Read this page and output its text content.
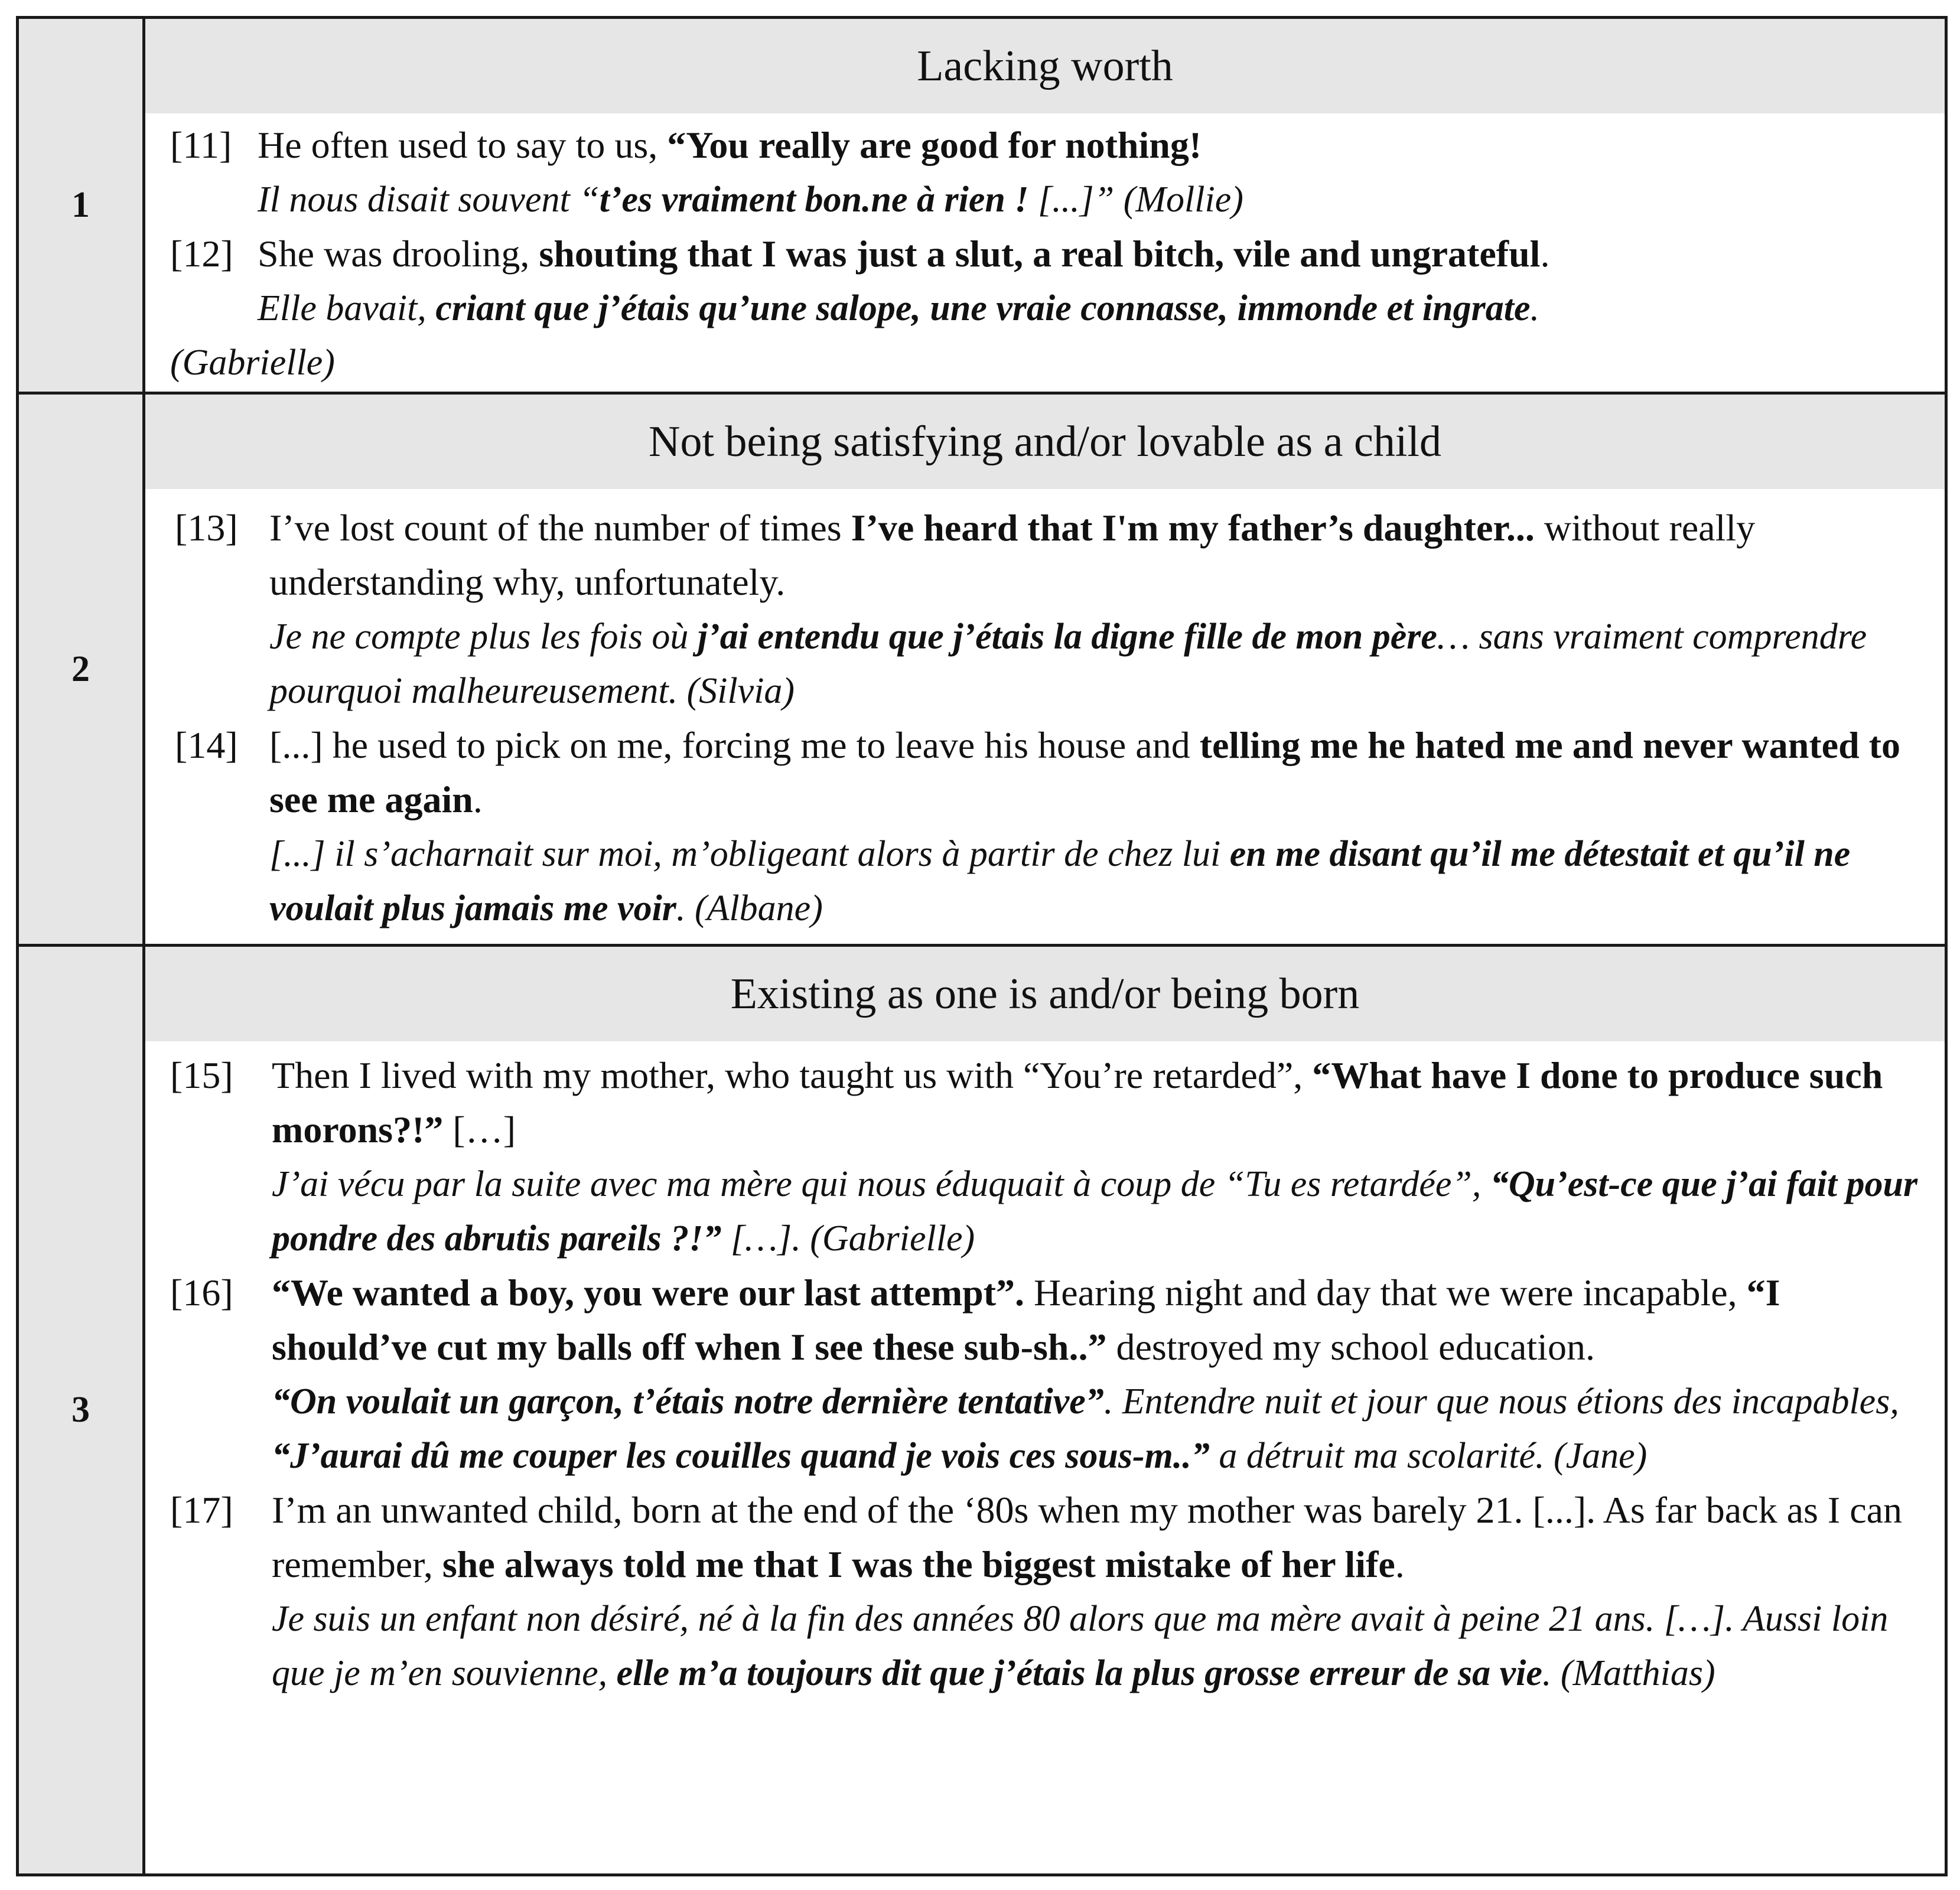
1
Lacking worth
[11] He often used to say to us, “You really are good for nothing!
Il nous disait souvent “t’es vraiment bon.ne à rien ! [...]” (Mollie)
[12] She was drooling, shouting that I was just a slut, a real bitch, vile and ungrateful.
Elle bavait, criant que j’étais qu’une salope, une vraie connasse, immonde et ingrate.
(Gabrielle)
2
Not being satisfying and/or lovable as a child
[13] I’ve lost count of the number of times I’ve heard that I'm my father’s daughter... without really understanding why, unfortunately.
Je ne compte plus les fois où j’ai entendu que j’étais la digne fille de mon père… sans vraiment comprendre pourquoi malheureusement. (Silvia)
[14] [...] he used to pick on me, forcing me to leave his house and telling me he hated me and never wanted to see me again.
[...] il s’acharnait sur moi, m’obligeant alors à partir de chez lui en me disant qu’il me détestait et qu’il ne voulait plus jamais me voir. (Albane)
3
Existing as one is and/or being born
[15] Then I lived with my mother, who taught us with “You’re retarded”, “What have I done to produce such morons?!” […]
J’ai vécu par la suite avec ma mère qui nous éduquait à coup de “Tu es retardée”, “Qu’est-ce que j’ai fait pour pondre des abrutis pareils ?!” […]. (Gabrielle)
[16] “We wanted a boy, you were our last attempt”. Hearing night and day that we were incapable, “I should’ve cut my balls off when I see these sub-sh..” destroyed my school education.
“On voulait un garçon, t’étais notre dernière tentative”. Entendre nuit et jour que nous étions des incapables, “J’aurai dû me couper les couilles quand je vois ces sous-m..” a détruit ma scolarité. (Jane)
[17] I’m an unwanted child, born at the end of the ‘80s when my mother was barely 21. [...]. As far back as I can remember, she always told me that I was the biggest mistake of her life.
Je suis un enfant non désiré, né à la fin des années 80 alors que ma mère avait à peine 21 ans. […]. Aussi loin que je m’en souvienne, elle m’a toujours dit que j’étais la plus grosse erreur de sa vie. (Matthias)
